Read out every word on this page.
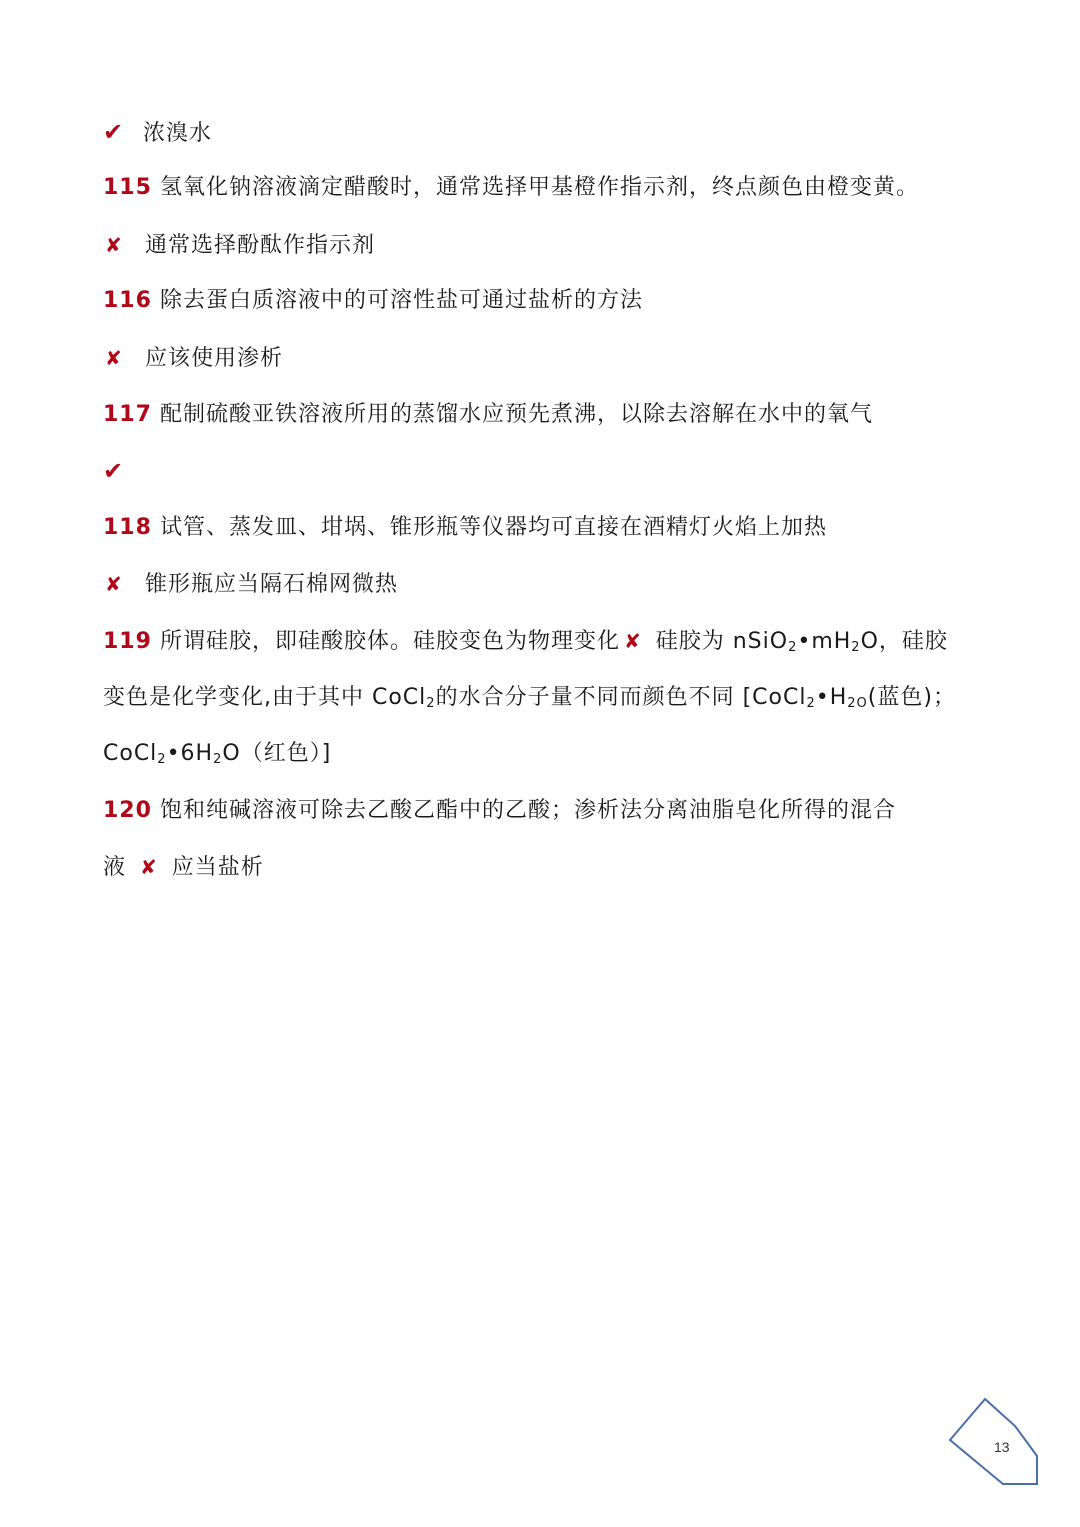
✔ 浓溴水
115 氢氧化钠溶液滴定醋酸时，通常选择甲基橙作指示剂，终点颜色由橙变黄。
✘ 通常选择酚酞作指示剂
116 除去蛋白质溶液中的可溶性盐可通过盐析的方法
✘ 应该使用渗析
117 配制硫酸亚铁溶液所用的蒸馏水应预先煮沸，以除去溶解在水中的氧气
✔
118 试管、蒸发皿、坩埚、锥形瓶等仪器均可直接在酒精灯火焰上加热
✘ 锥形瓶应当隔石棉网微热
119 所谓硅胶，即硅酸胶体。硅胶变色为物理变化 ✘ 硅胶为 $nSiO_2•mH_2O$，硅胶
变色是化学变化,由于其中 CoCl$_2$的水合分子量不同而颜色不同 [$CoCl_2•H_{2O}$(蓝色)；
$CoCl_2•6H_2O$（红色）]
120 饱和纯碱溶液可除去乙酸乙酯中的乙酸；渗析法分离油脂皂化所得的混合
液 ✘ 应当盐析
13
